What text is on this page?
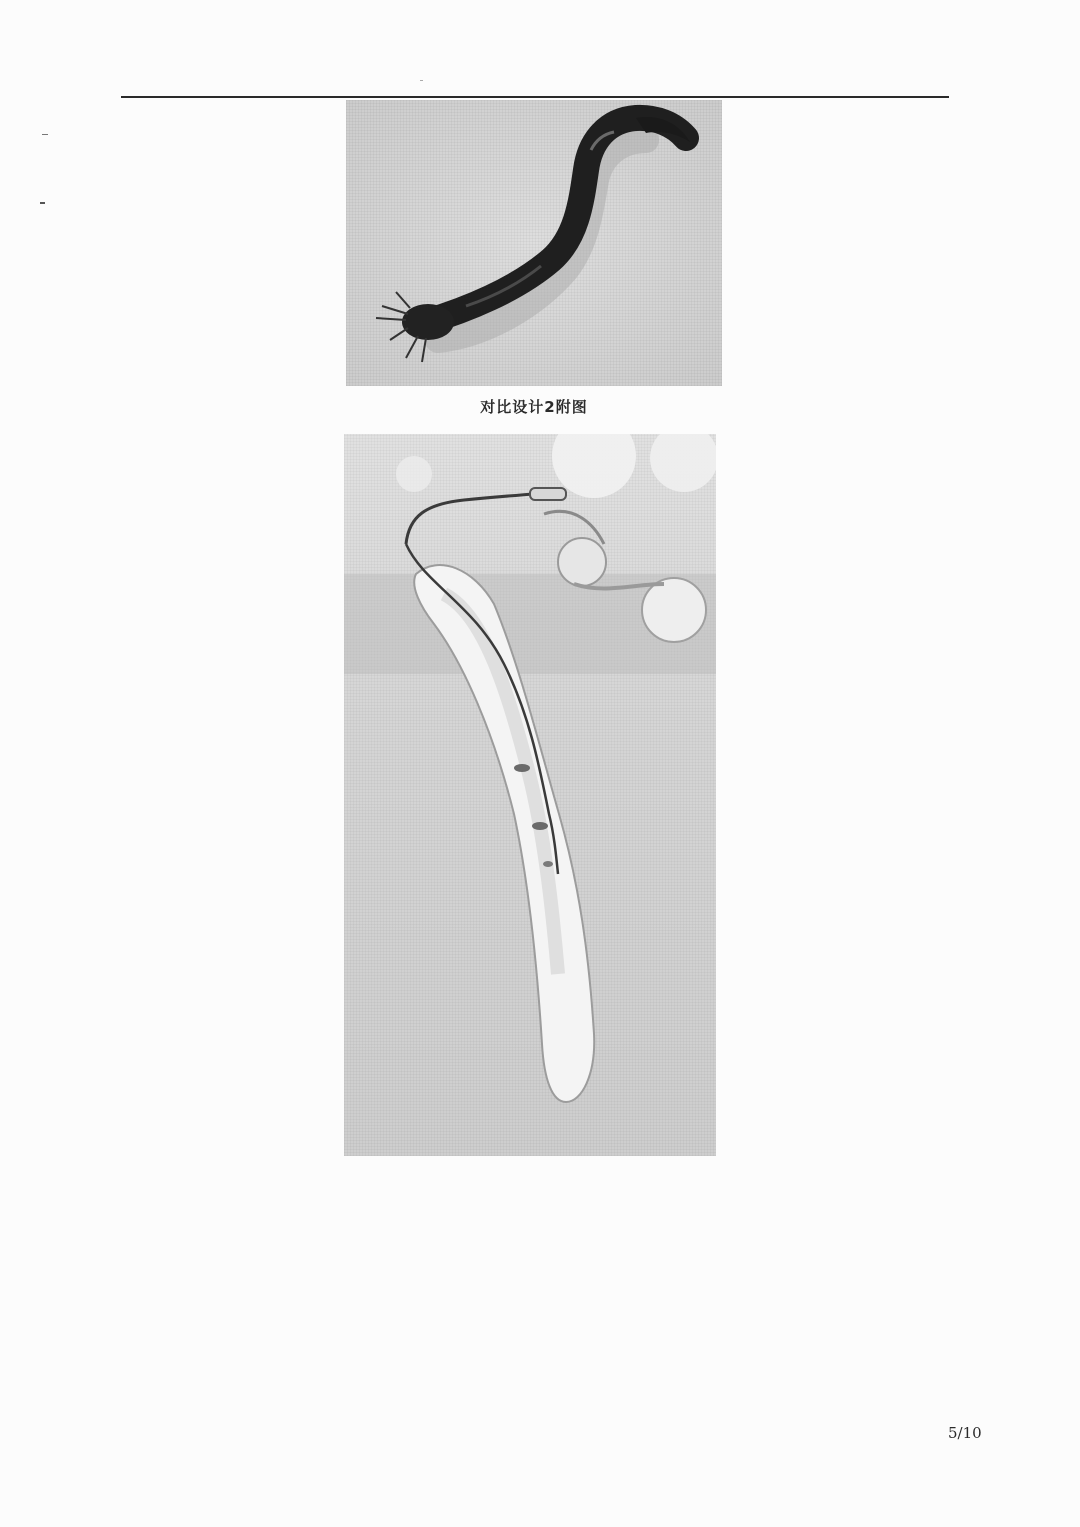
对比设计2附图
5/10
